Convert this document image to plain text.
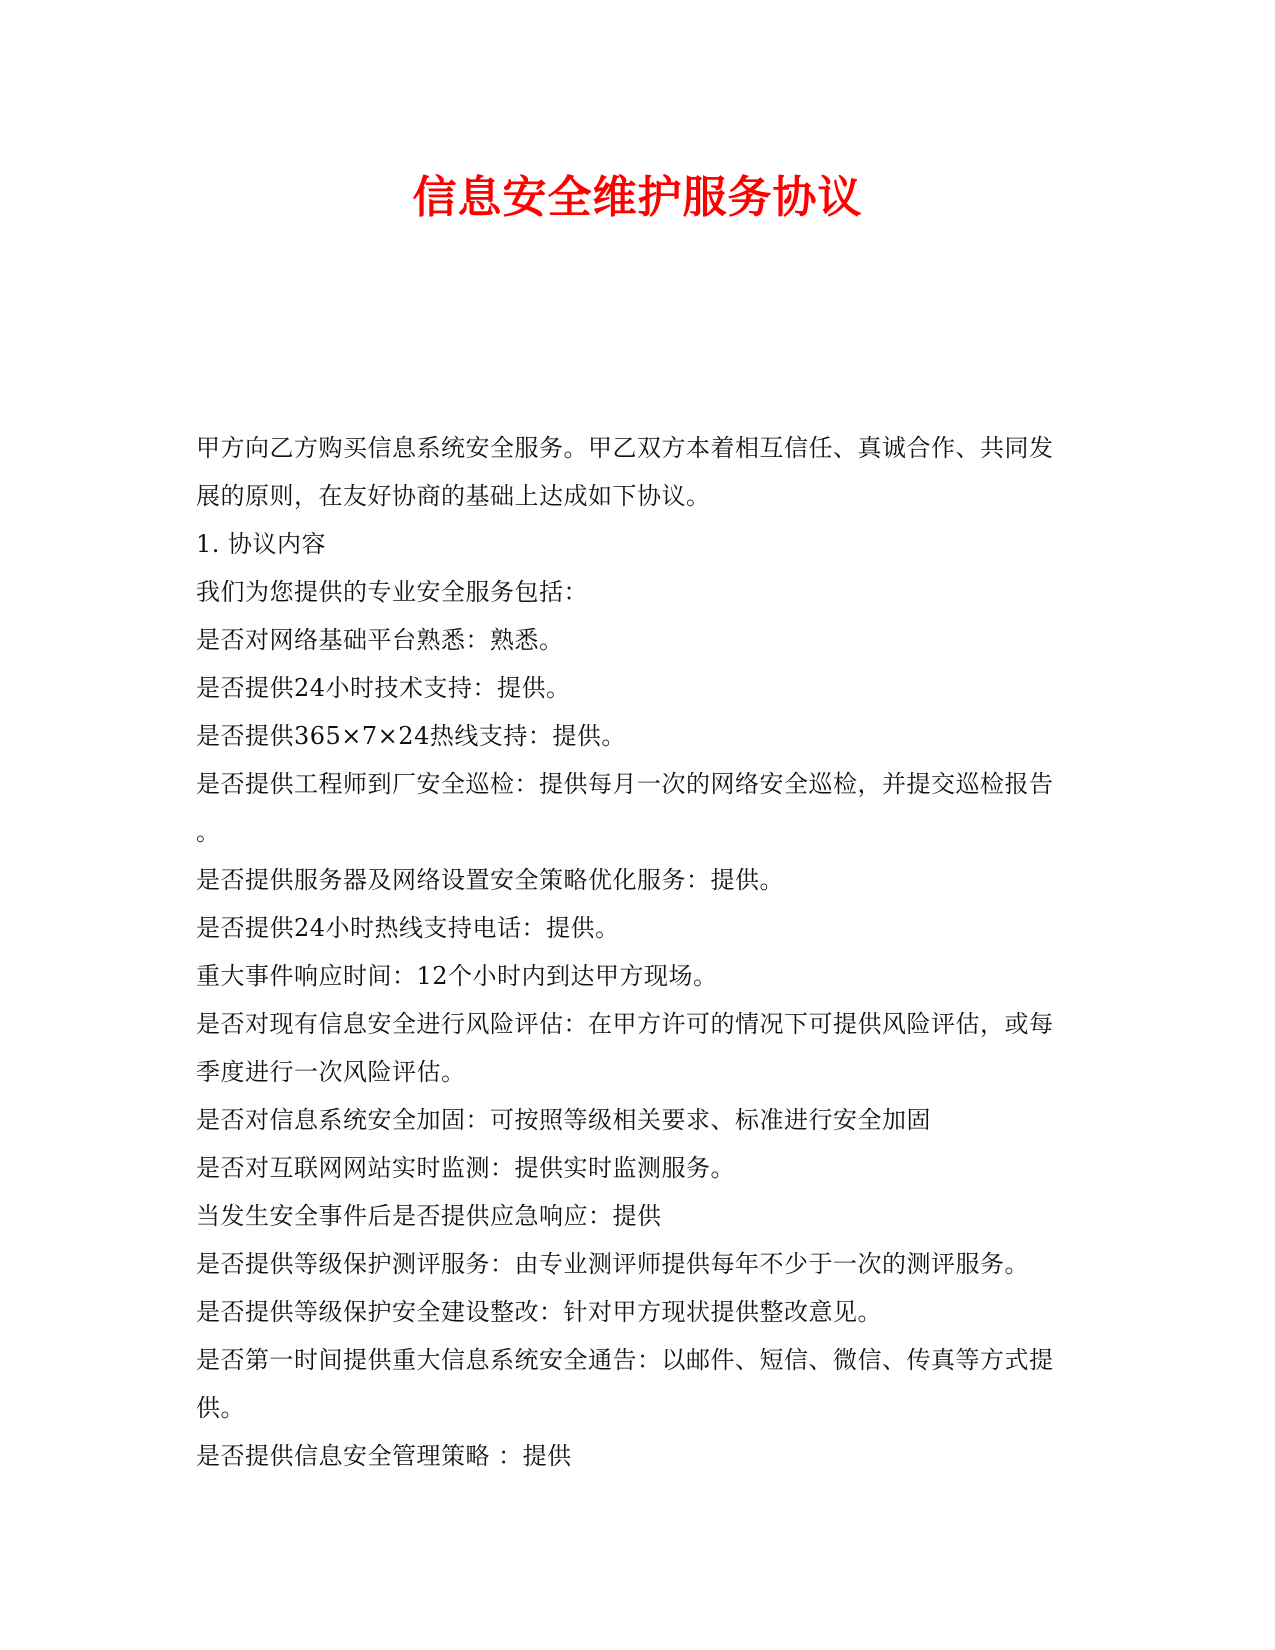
信息安全维护服务协议
甲方向乙方购买信息系统安全服务。甲乙双方本着相互信任、真诚合作、共同发
展的原则，在友好协商的基础上达成如下协议。
1. 协议内容
我们为您提供的专业安全服务包括：
是否对网络基础平台熟悉：熟悉。
是否提供24小时技术支持：提供。
是否提供365×7×24热线支持：提供。
是否提供工程师到厂安全巡检：提供每月一次的网络安全巡检，并提交巡检报告
。
是否提供服务器及网络设置安全策略优化服务：提供。
是否提供24小时热线支持电话：提供。
重大事件响应时间：12个小时内到达甲方现场。
是否对现有信息安全进行风险评估：在甲方许可的情况下可提供风险评估，或每
季度进行一次风险评估。
是否对信息系统安全加固：可按照等级相关要求、标准进行安全加固
是否对互联网网站实时监测：提供实时监测服务。
当发生安全事件后是否提供应急响应：提供
是否提供等级保护测评服务：由专业测评师提供每年不少于一次的测评服务。
是否提供等级保护安全建设整改：针对甲方现状提供整改意见。
是否第一时间提供重大信息系统安全通告：以邮件、短信、微信、传真等方式提
供。
是否提供信息安全管理策略 ：提供
